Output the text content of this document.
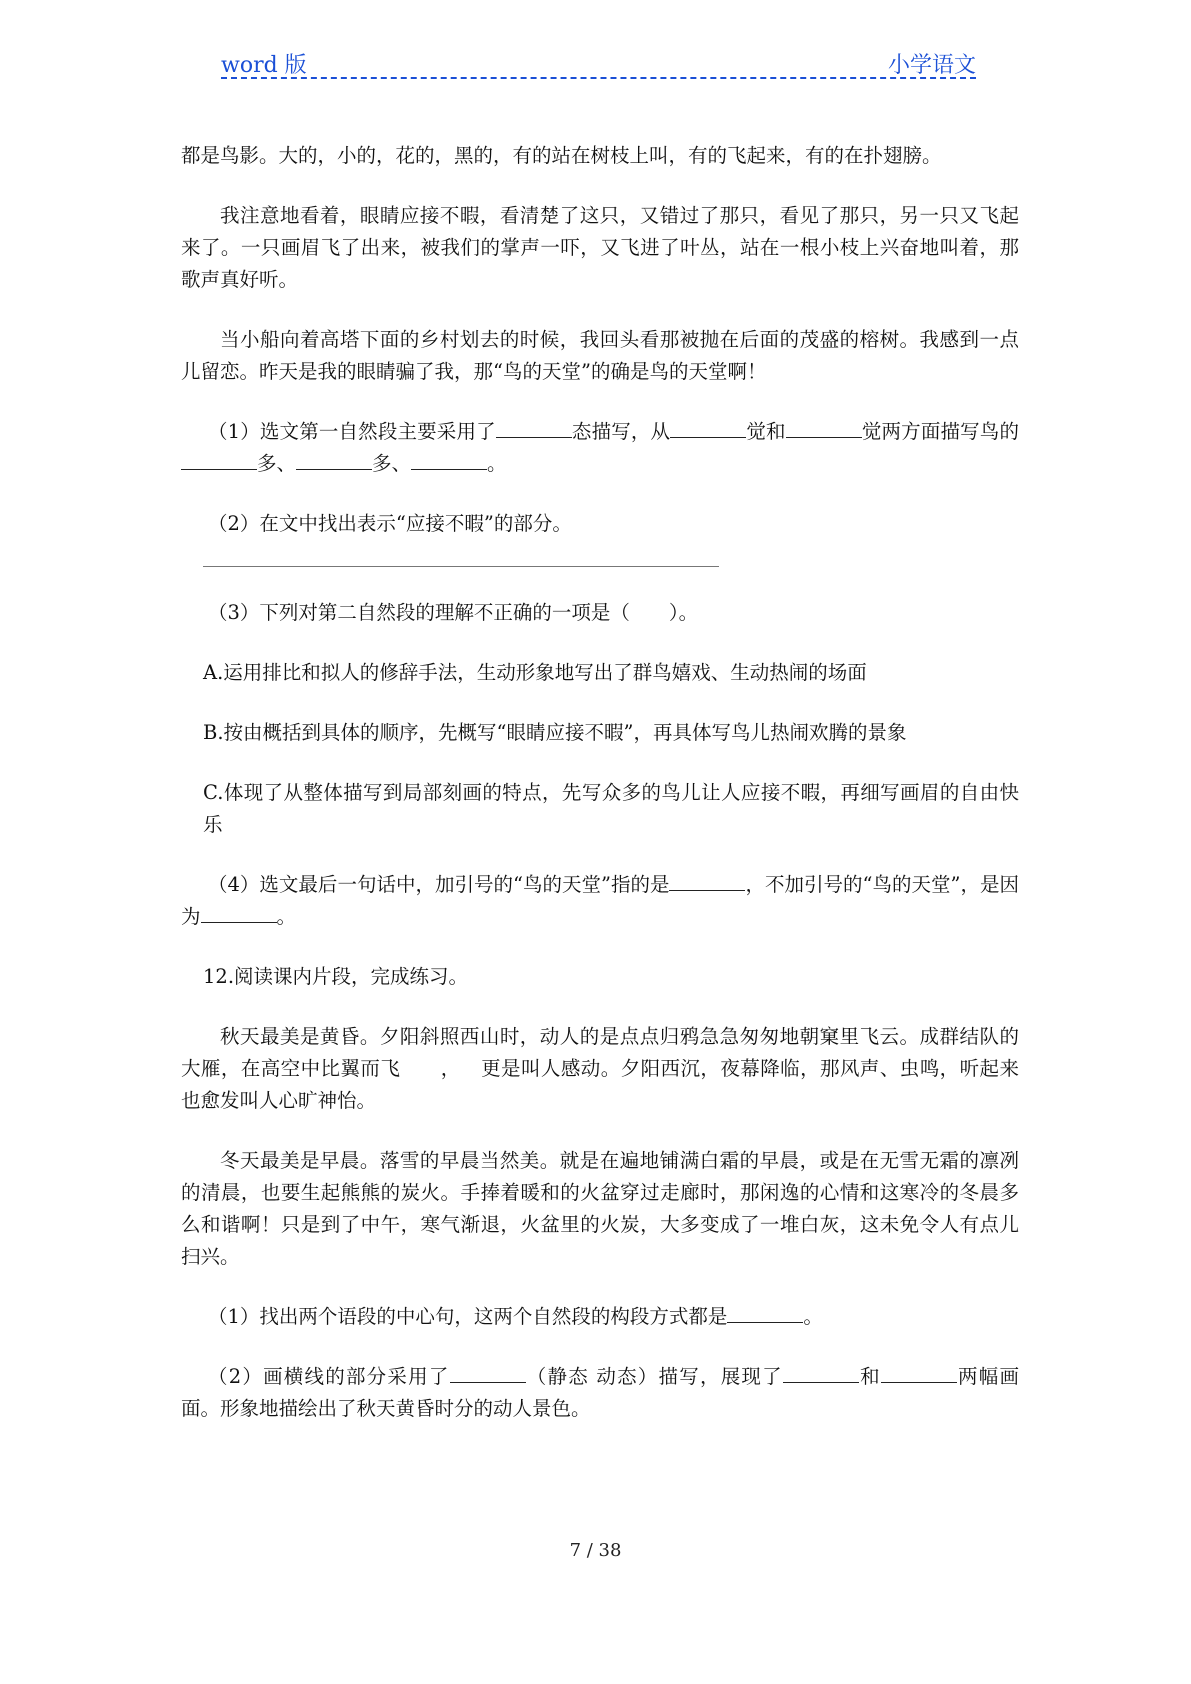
word 版	小学语文

都是鸟影。大的，小的，花的，黑的，有的站在树枝上叫，有的飞起来，有的在扑翅膀。

我注意地看着，眼睛应接不暇，看清楚了这只，又错过了那只，看见了那只，另一只又飞起来了。一只画眉飞了出来，被我们的掌声一吓，又飞进了叶丛，站在一根小枝上兴奋地叫着，那歌声真好听。

当小船向着高塔下面的乡村划去的时候，我回头看那被抛在后面的茂盛的榕树。我感到一点儿留恋。昨天是我的眼睛骗了我，那“鸟的天堂”的确是鸟的天堂啊！

（1）选文第一自然段主要采用了	态描写，从	觉和	觉两方面描写鸟的多、	多、	。

（2）在文中找出表示“应接不暇”的部分。

（3）下列对第二自然段的理解不正确的一项是（　　）。

A.运用排比和拟人的修辞手法，生动形象地写出了群鸟嬉戏、生动热闹的场面

B.按由概括到具体的顺序，先概写“眼睛应接不暇”，再具体写鸟儿热闹欢腾的景象

C.体现了从整体描写到局部刻画的特点，先写众多的鸟儿让人应接不暇，再细写画眉的自由快乐

（4）选文最后一句话中，加引号的“鸟的天堂”指的是	，不加引号的“鸟的天堂”，是因为	。

12.阅读课内片段，完成练习。

秋天最美是黄昏。夕阳斜照西山时，动人的是点点归鸦急急匆匆地朝窠里飞云。成群结队的大雁，在高空中比翼而飞 ， 更是叫人感动。夕阳西沉，夜幕降临，那风声、虫鸣，听起来也愈发叫人心旷神怡。

冬天最美是早晨。落雪的早晨当然美。就是在遍地铺满白霜的早晨，或是在无雪无霜的凛冽的清晨，也要生起熊熊的炭火。手捧着暖和的火盆穿过走廊时，那闲逸的心情和这寒冷的冬晨多么和谐啊！只是到了中午，寒气渐退，火盆里的火炭，大多变成了一堆白灰，这未免令人有点儿扫兴。

（1）找出两个语段的中心句，这两个自然段的构段方式都是	。

（2）画横线的部分采用了	（静态 动态）描写，展现了	和	两幅画面。形象地描绘出了秋天黄昏时分的动人景色。

7 / 38
